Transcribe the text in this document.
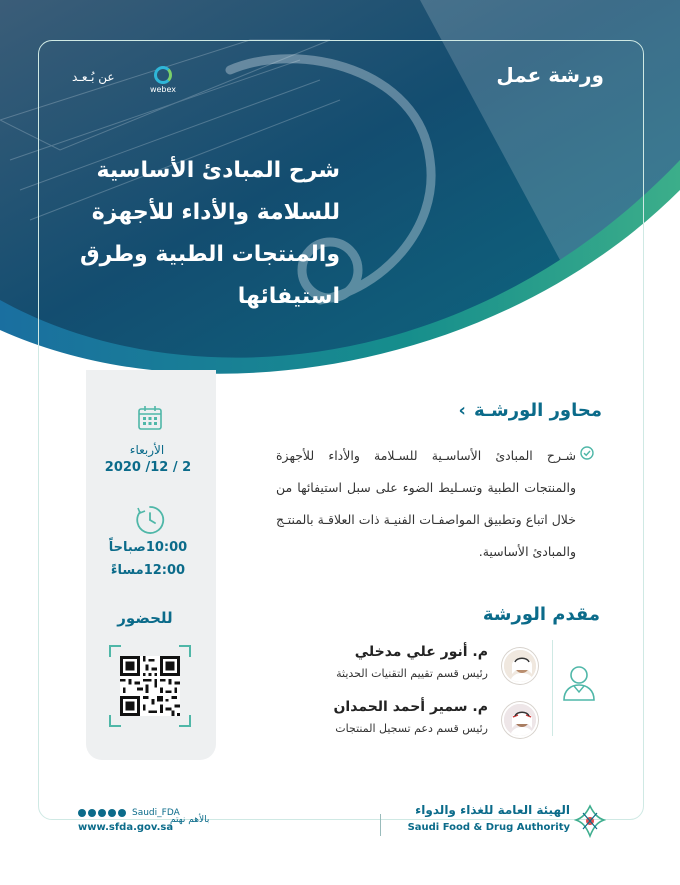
ورشة عمل
webex
عن بُـعـد
شرح المبادئ الأساسية
للسلامة والأداء للأجهزة
والمنتجات الطبية وطرق
استيفائها
الأربعاء
2 / 12/ 2020
10:00صباحاً
12:00مساءً
للحضور
محاور الورشـة
›
شـرح المبادئ الأساسـية للسـلامة والأداء للأجهزة والمنتجات الطبية وتسـليط الضوء على سبل استيفائها من خلال اتباع وتطبيق المواصفـات الفنيـة ذات العلاقـة بالمنتـج والمبادئ الأساسية.
مقدم الورشة
م. أنور علي مدخلي
رئيس قسم تقييم التقنيات الحديثة
م. سمير أحمد الحمدان
رئيس قسم دعم تسجيل المنتجات
الهيئة العامة للغذاء والدواء
Saudi Food & Drug Authority
بالأهم نهتم
Saudi_FDA
www.sfda.gov.sa
